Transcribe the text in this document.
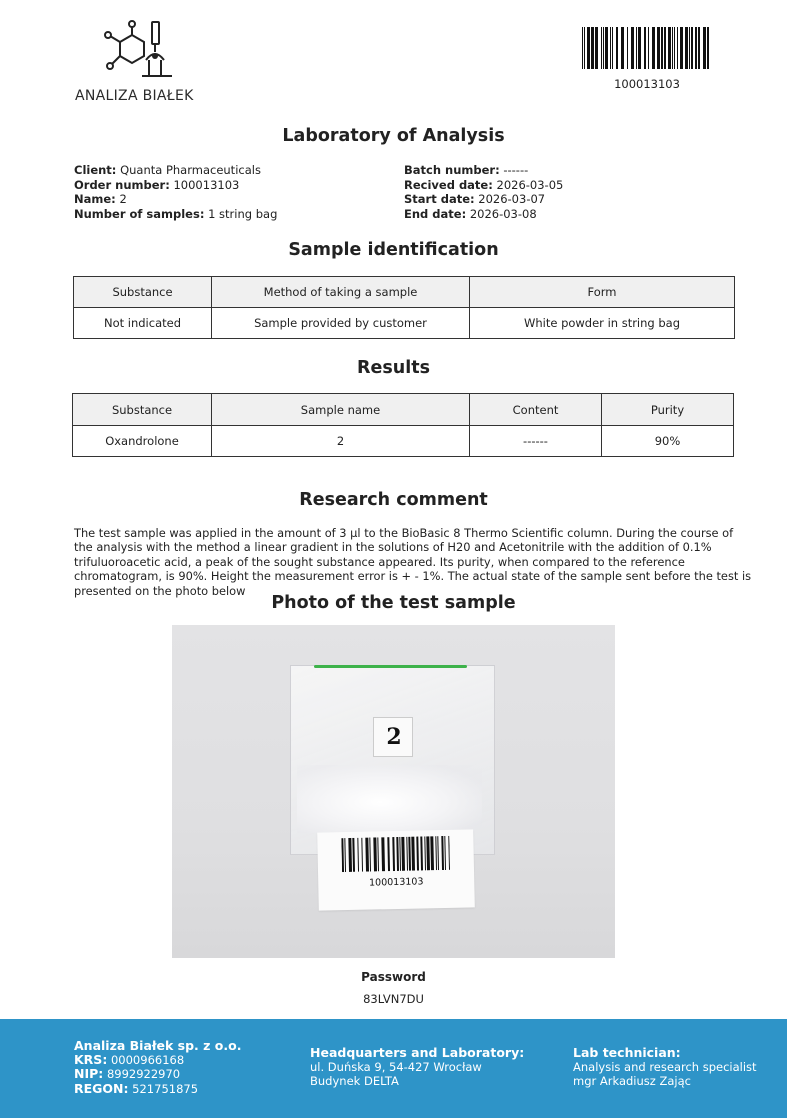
ANALIZA BIAŁEK
100013103
Laboratory of Analysis
Client: Quanta Pharmaceuticals
Order number: 100013103
Name: 2
Number of samples: 1 string bag
Batch number: ------
Recived date: 2026-03-05
Start date: 2026-03-07
End date: 2026-03-08
Sample identification
Substance	Method of taking a sample	Form
Not indicated	Sample provided by customer	White powder in string bag
Results
Substance	Sample name	Content	Purity
Oxandrolone	2	------	90%
Research comment
The test sample was applied in the amount of 3 µl to the BioBasic 8 Thermo Scientific column. During the course of the analysis with the method a linear gradient in the solutions of H20 and Acetonitrile with the addition of 0.1% trifuluoroacetic acid, a peak of the sought substance appeared. Its purity, when compared to the reference chromatogram, is 90%. Height the measurement error is + - 1%. The actual state of the sample sent before the test is presented on the photo below
Photo of the test sample
2
100013103
Password
83LVN7DU
Analiza Białek sp. z o.o.
KRS: 0000966168
NIP: 8992922970
REGON: 521751875
Headquarters and Laboratory:
ul. Duńska 9, 54-427 Wrocław
Budynek DELTA
Lab technician:
Analysis and research specialist
mgr Arkadiusz Zając
